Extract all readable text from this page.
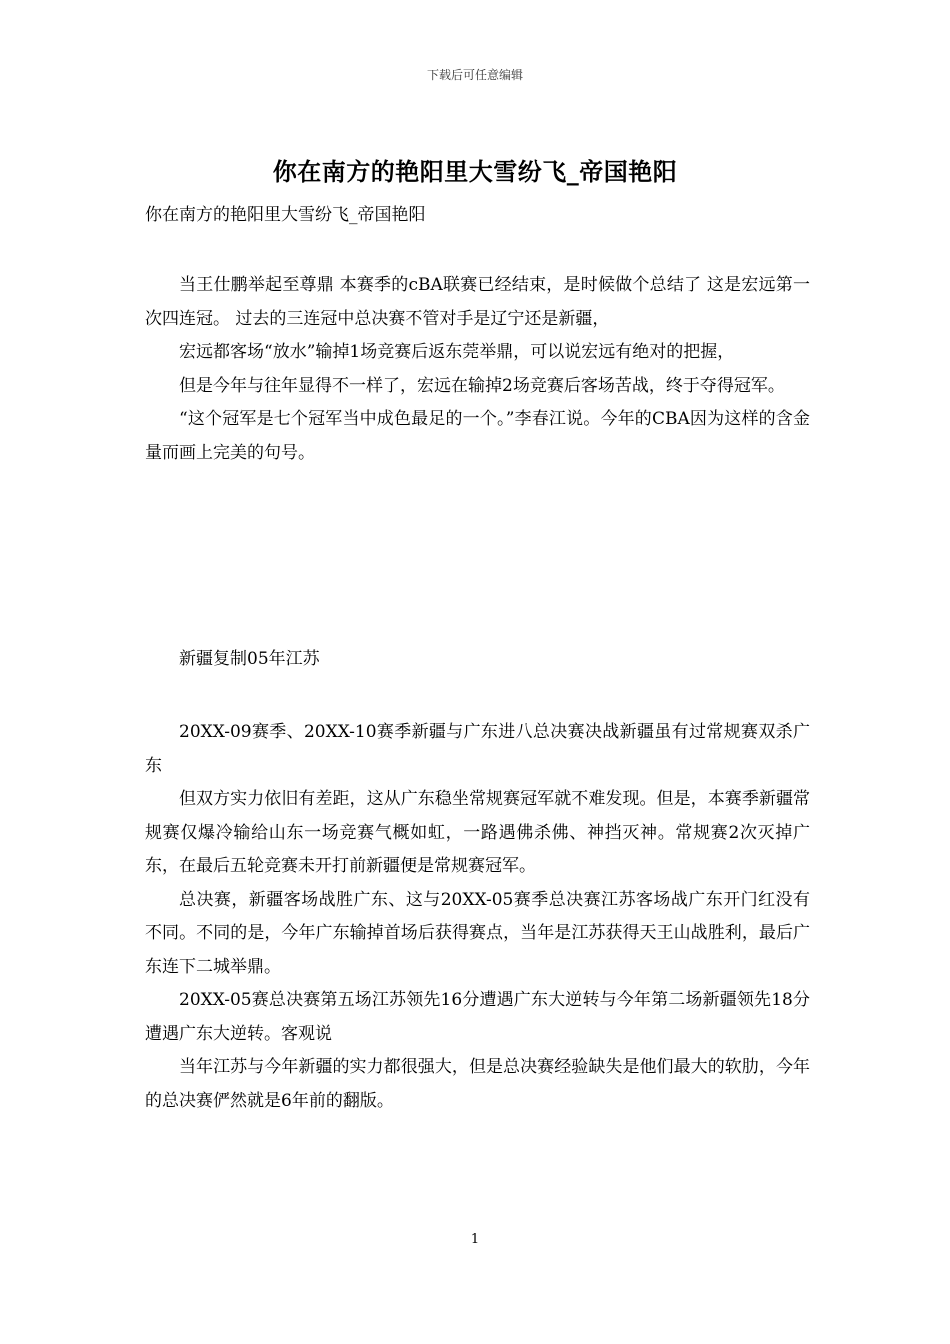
下载后可任意编辑
你在南方的艳阳里大雪纷飞_帝国艳阳
你在南方的艳阳里大雪纷飞_帝国艳阳

当王仕鹏举起至尊鼎 本赛季的cBA联赛已经结束，是时候做个总结了 这是宏远第一次四连冠。 过去的三连冠中总决赛不管对手是辽宁还是新疆，

宏远都客场“放水”输掉1场竞赛后返东莞举鼎，可以说宏远有绝对的把握，

但是今年与往年显得不一样了，宏远在输掉2场竞赛后客场苦战，终于夺得冠军。

“这个冠军是七个冠军当中成色最足的一个。”李春江说。今年的CBA因为这样的含金量而画上完美的句号。

新疆复制05年江苏

20XX-09赛季、20XX-10赛季新疆与广东进八总决赛决战新疆虽有过常规赛双杀广东

但双方实力依旧有差距，这从广东稳坐常规赛冠军就不难发现。但是，本赛季新疆常规赛仅爆冷输给山东一场竞赛气概如虹，一路遇佛杀佛、神挡灭神。常规赛2次灭掉广东，在最后五轮竞赛未开打前新疆便是常规赛冠军。

总决赛，新疆客场战胜广东、这与20XX-05赛季总决赛江苏客场战广东开门红没有不同。不同的是，今年广东输掉首场后获得赛点，当年是江苏获得天王山战胜利，最后广东连下二城举鼎。

20XX-05赛总决赛第五场江苏领先16分遭遇广东大逆转与今年第二场新疆领先18分遭遇广东大逆转。客观说

当年江苏与今年新疆的实力都很强大，但是总决赛经验缺失是他们最大的软肋，今年的总决赛俨然就是6年前的翻版。

1
